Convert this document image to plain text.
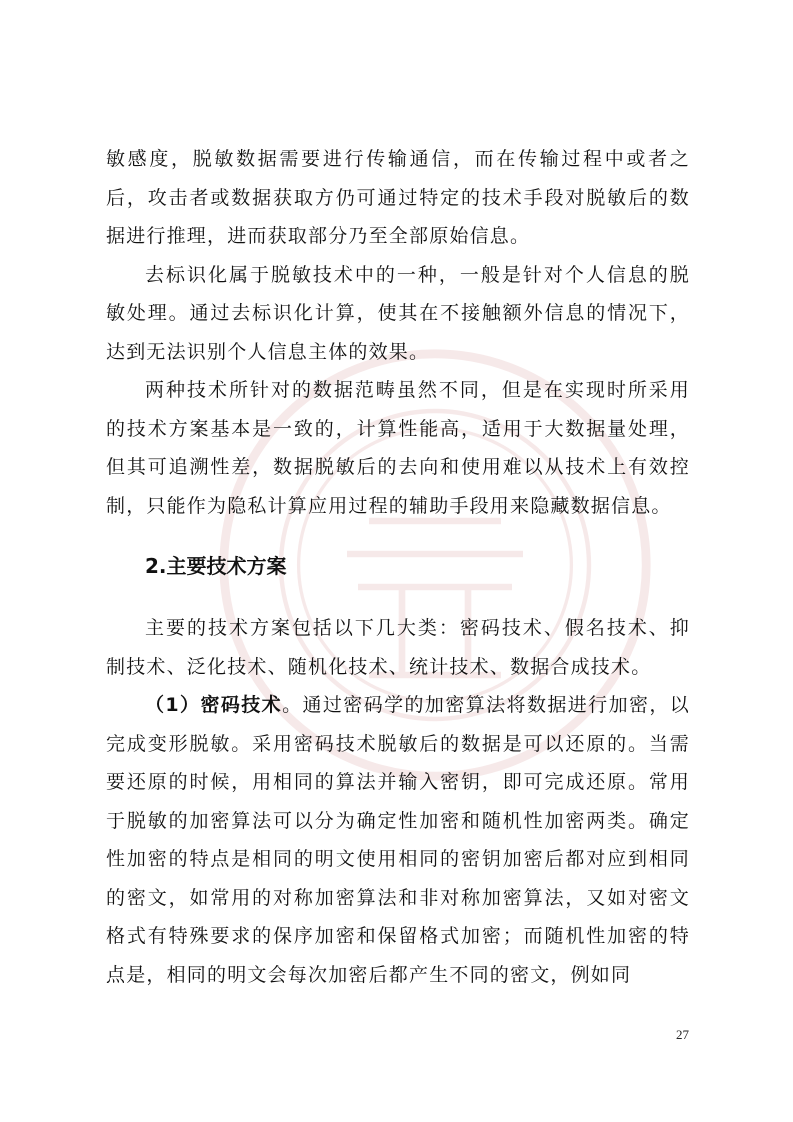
敏感度，脱敏数据需要进行传输通信，而在传输过程中或者之后，攻击者或数据获取方仍可通过特定的技术手段对脱敏后的数据进行推理，进而获取部分乃至全部原始信息。

去标识化属于脱敏技术中的一种，一般是针对个人信息的脱敏处理。通过去标识化计算，使其在不接触额外信息的情况下，达到无法识别个人信息主体的效果。

两种技术所针对的数据范畴虽然不同，但是在实现时所采用的技术方案基本是一致的，计算性能高，适用于大数据量处理，但其可追溯性差，数据脱敏后的去向和使用难以从技术上有效控制，只能作为隐私计算应用过程的辅助手段用来隐藏数据信息。

2.主要技术方案

主要的技术方案包括以下几大类：密码技术、假名技术、抑制技术、泛化技术、随机化技术、统计技术、数据合成技术。

（1）密码技术。通过密码学的加密算法将数据进行加密，以完成变形脱敏。采用密码技术脱敏后的数据是可以还原的。当需要还原的时候，用相同的算法并输入密钥，即可完成还原。常用于脱敏的加密算法可以分为确定性加密和随机性加密两类。确定性加密的特点是相同的明文使用相同的密钥加密后都对应到相同的密文，如常用的对称加密算法和非对称加密算法，又如对密文格式有特殊要求的保序加密和保留格式加密；而随机性加密的特点是，相同的明文会每次加密后都产生不同的密文，例如同

27
